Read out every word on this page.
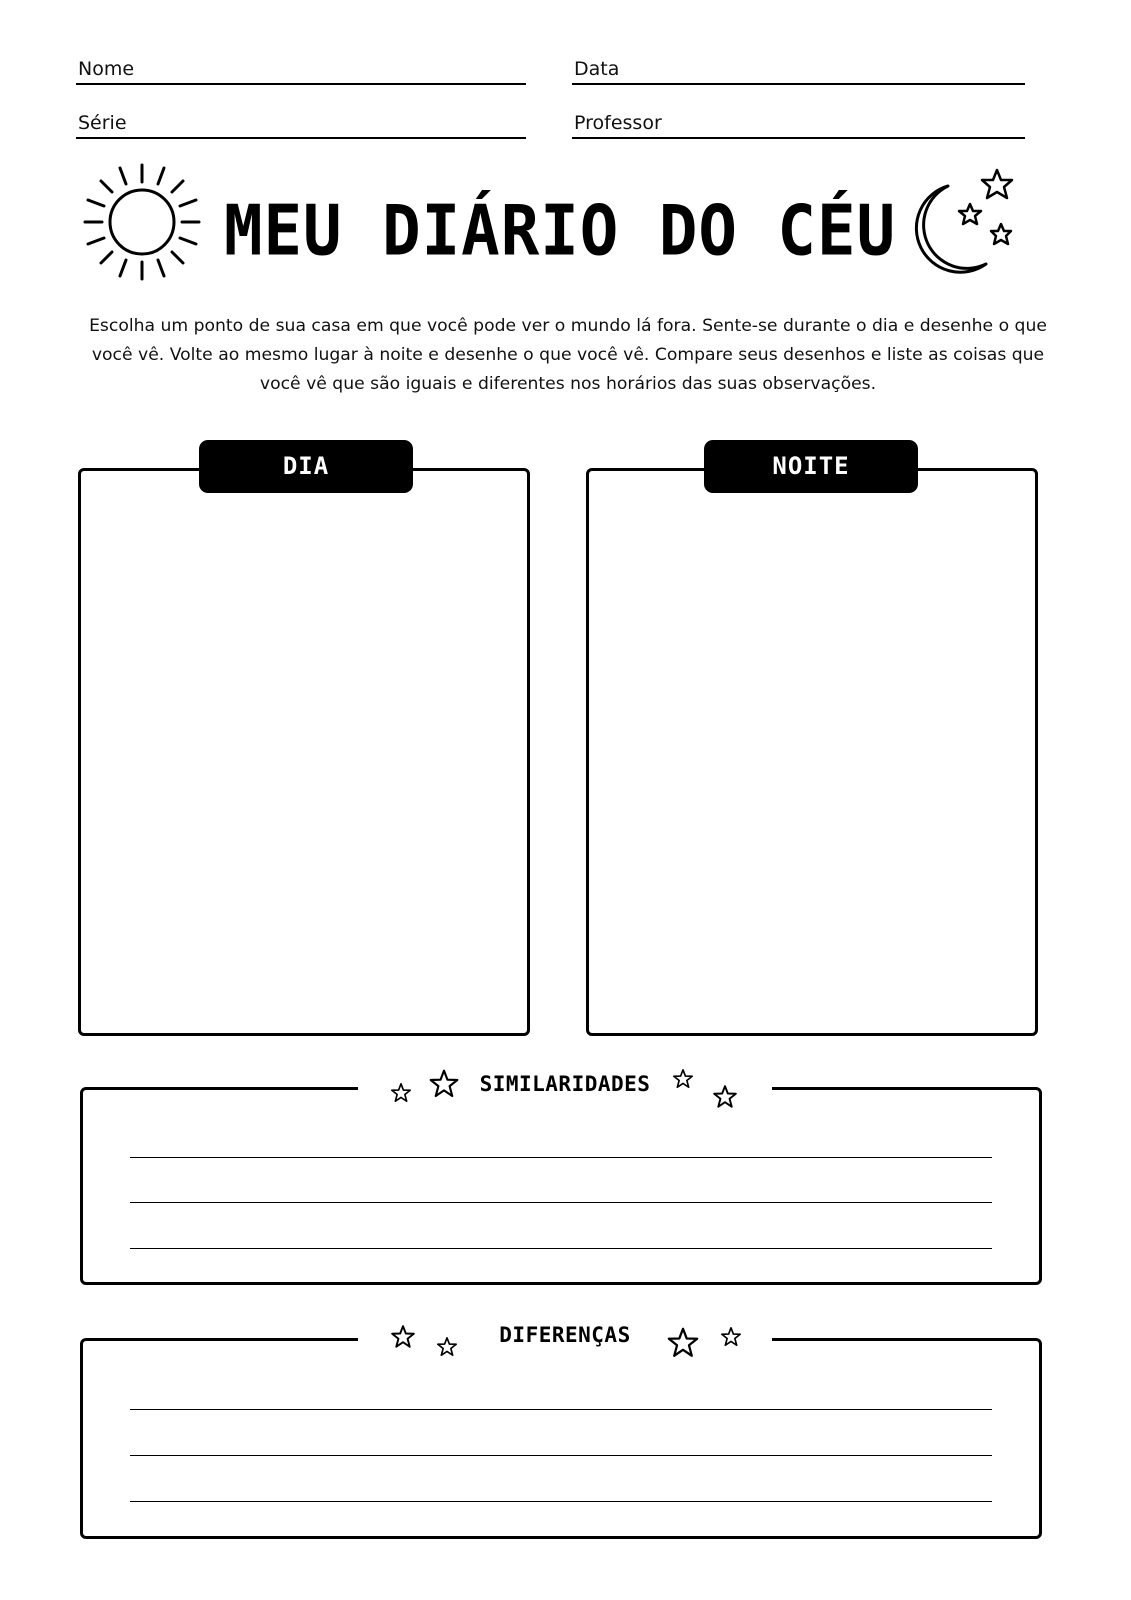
Nome	Data
Série	Professor
MEU DIÁRIO DO CÉU
Escolha um ponto de sua casa em que você pode ver o mundo lá fora. Sente-se durante o dia e desenhe o que você vê. Volte ao mesmo lugar à noite e desenhe o que você vê. Compare seus desenhos e liste as coisas que você vê que são iguais e diferentes nos horários das suas observações.
DIA	NOITE
SIMILARIDADES
DIFERENÇAS
